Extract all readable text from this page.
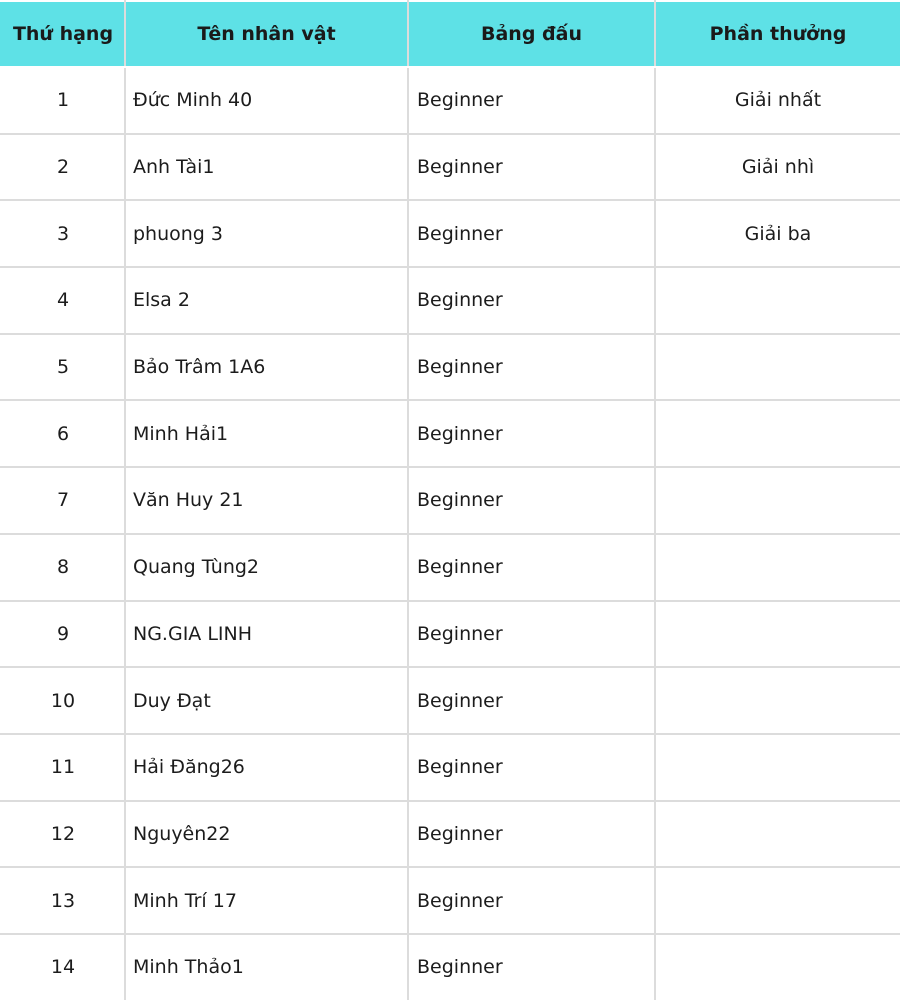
Thứ hạng	Tên nhân vật	Bảng đấu	Phần thưởng
1	Đức Minh 40	Beginner	Giải nhất
2	Anh Tài1	Beginner	Giải nhì
3	phuong 3	Beginner	Giải ba
4	Elsa 2	Beginner	
5	Bảo Trâm 1A6	Beginner	
6	Minh Hải1	Beginner	
7	Văn Huy 21	Beginner	
8	Quang Tùng2	Beginner	
9	NG.GIA LINH	Beginner	
10	Duy Đạt	Beginner	
11	Hải Đăng26	Beginner	
12	Nguyên22	Beginner	
13	Minh Trí 17	Beginner	
14	Minh Thảo1	Beginner	
